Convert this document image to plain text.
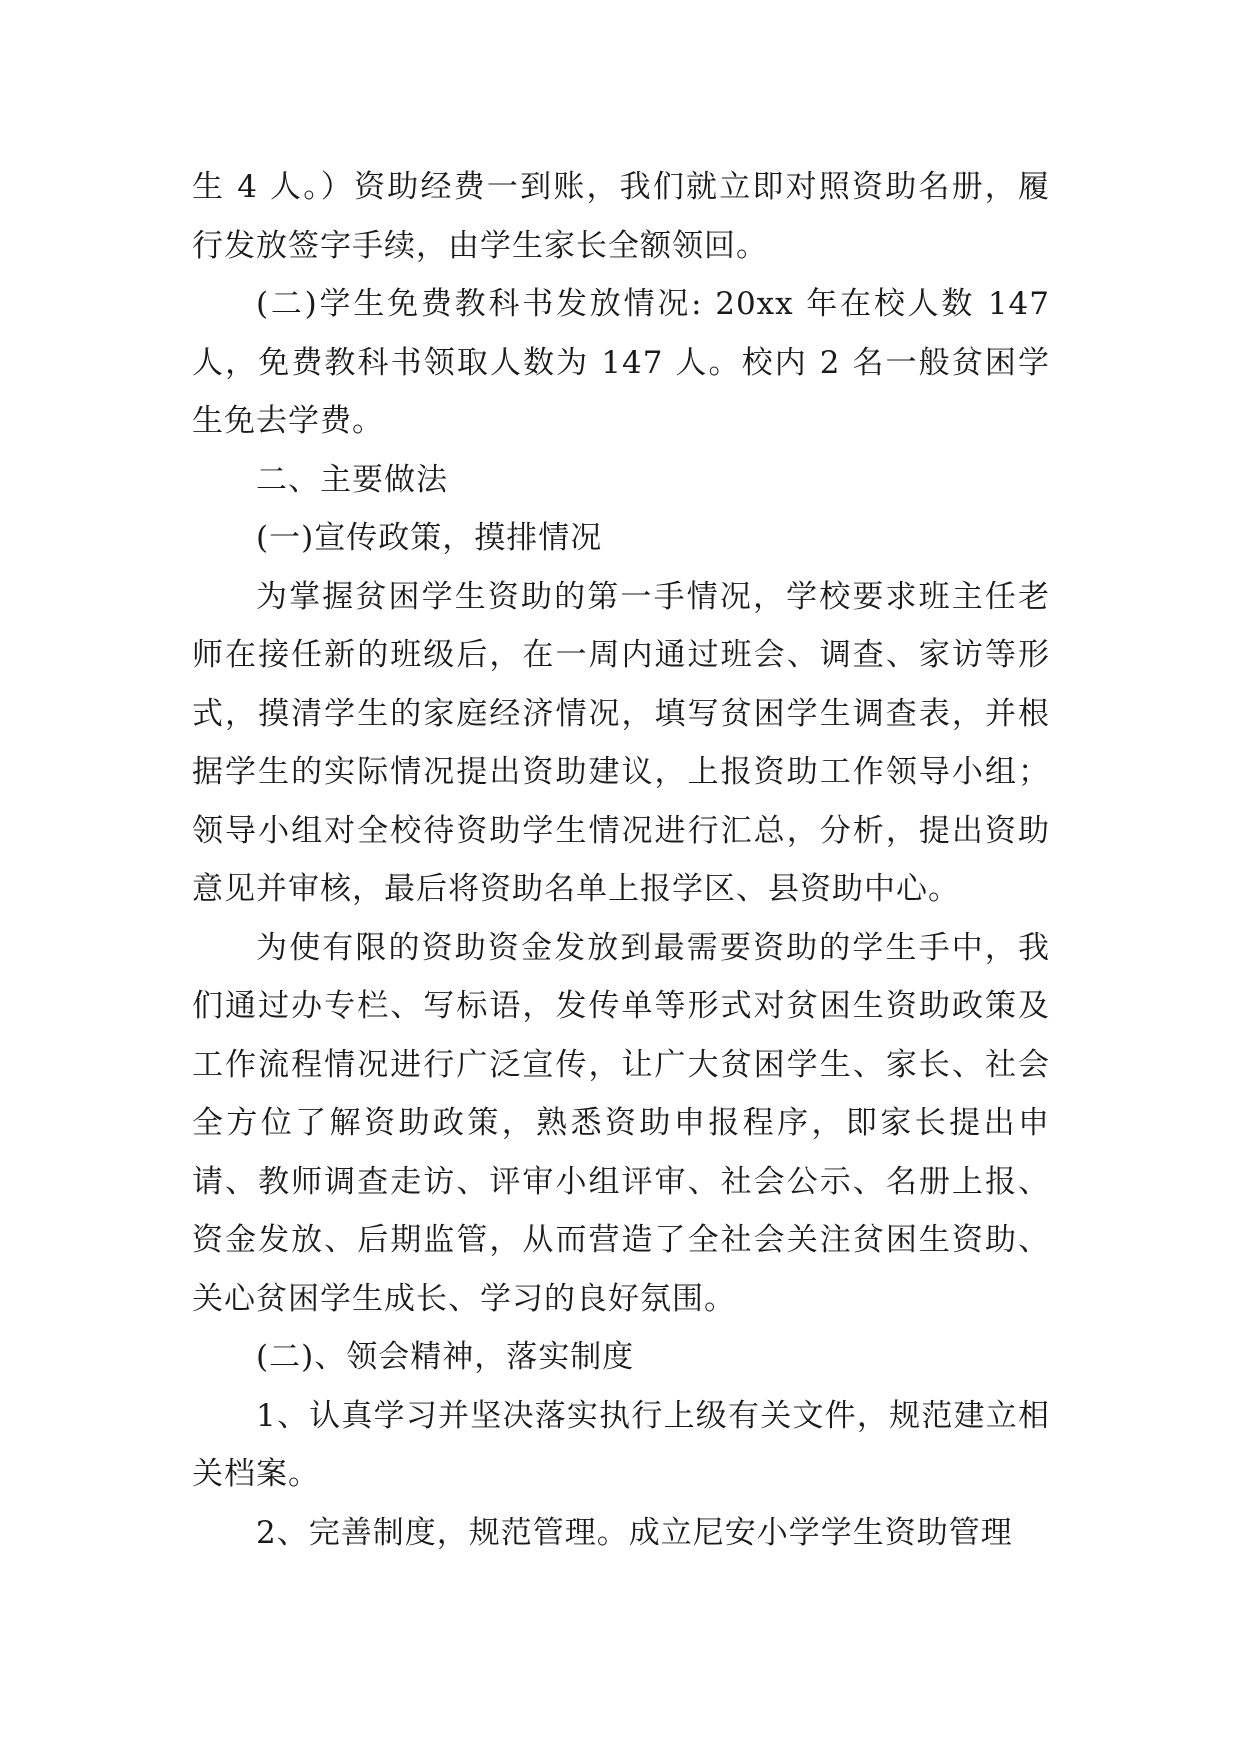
生 4 人。）资助经费一到账，我们就立即对照资助名册，履行发放签字手续，由学生家长全额领回。

(二)学生免费教科书发放情况: 20xx 年在校人数 147 人，免费教科书领取人数为 147 人。校内 2 名一般贫困学生免去学费。

二、主要做法

(一)宣传政策，摸排情况

为掌握贫困学生资助的第一手情况，学校要求班主任老师在接任新的班级后，在一周内通过班会、调查、家访等形式，摸清学生的家庭经济情况，填写贫困学生调查表，并根据学生的实际情况提出资助建议，上报资助工作领导小组；领导小组对全校待资助学生情况进行汇总，分析，提出资助意见并审核，最后将资助名单上报学区、县资助中心。

为使有限的资助资金发放到最需要资助的学生手中，我们通过办专栏、写标语，发传单等形式对贫困生资助政策及工作流程情况进行广泛宣传，让广大贫困学生、家长、社会全方位了解资助政策，熟悉资助申报程序，即家长提出申请、教师调查走访、评审小组评审、社会公示、名册上报、资金发放、后期监管，从而营造了全社会关注贫困生资助、关心贫困学生成长、学习的良好氛围。

(二)、领会精神，落实制度

1、认真学习并坚决落实执行上级有关文件，规范建立相关档案。

2、完善制度，规范管理。成立尼安小学学生资助管理
